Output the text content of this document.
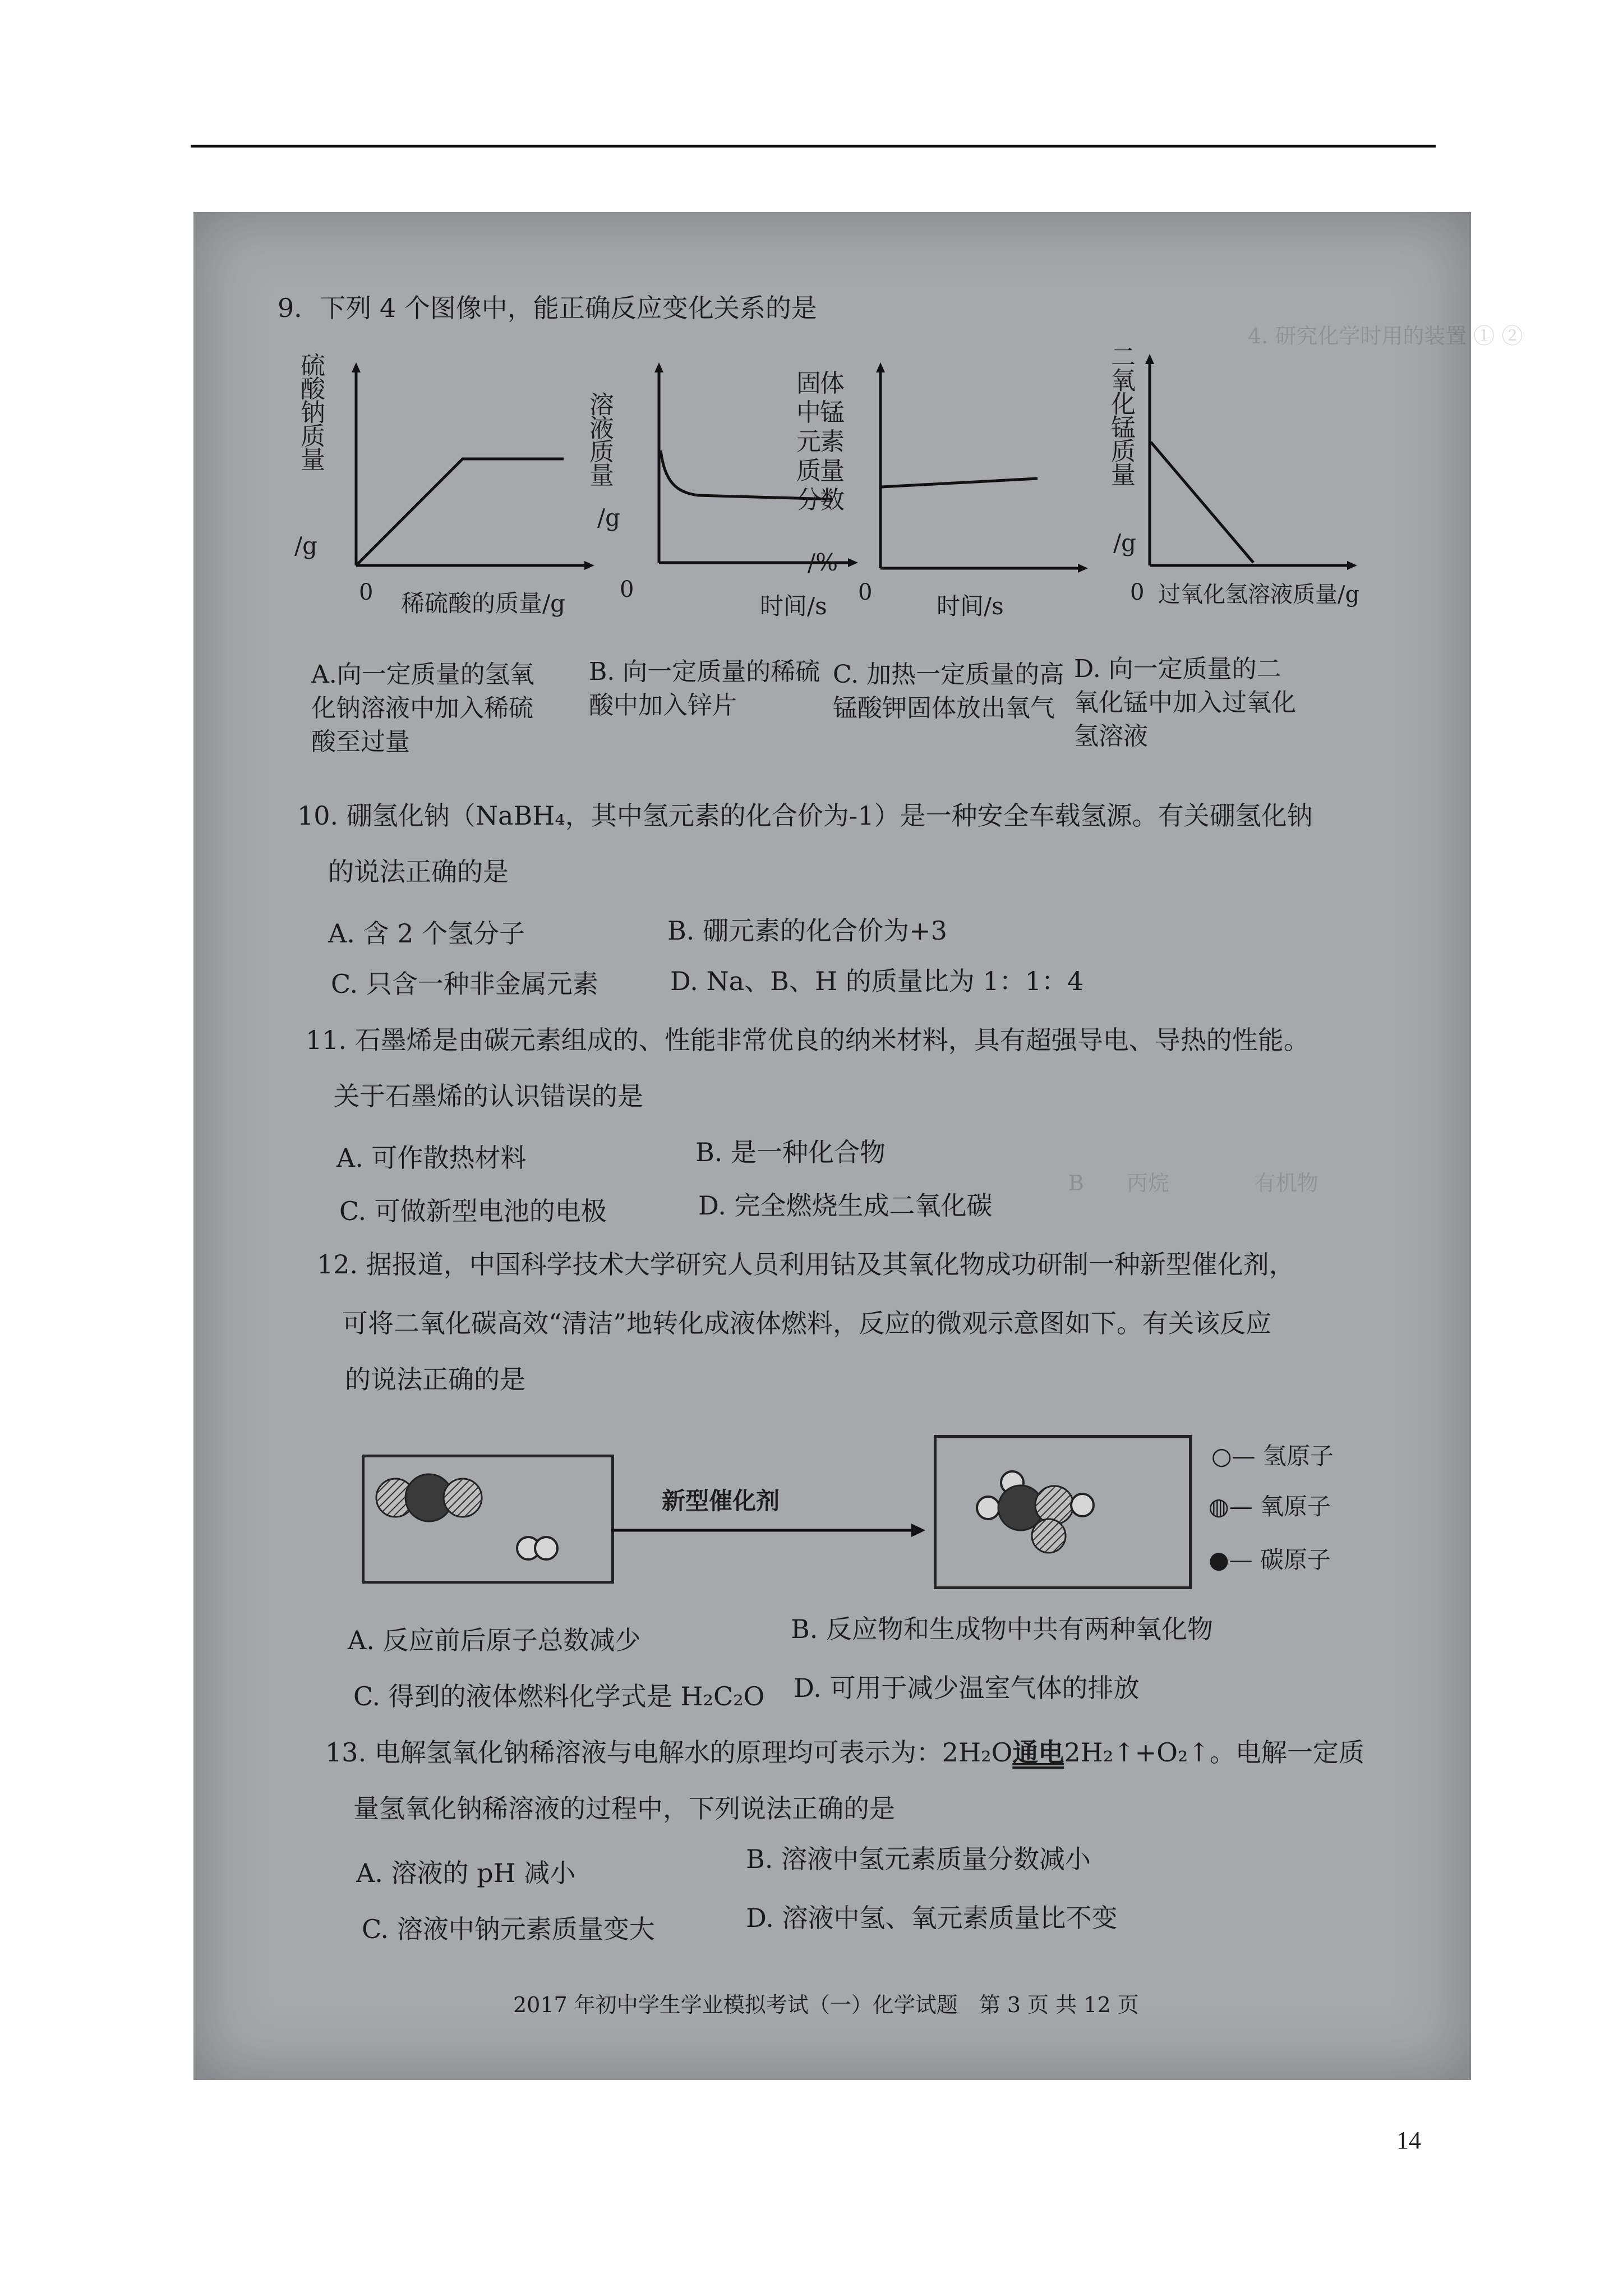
4. 研究化学时用的装置 ① ②
B　　丙烷　　　　有机物
9．下列 4 个图像中，能正确反应变化关系的是
硫酸钠质量
/g
0 稀硫酸的质量/g
溶液质量
/g
0
时间/s
固体中锰元素质量分数
/%
0	时间/s
二氧化锰质量
/g
0 过氧化氢溶液质量/g
A.向一定质量的氢氧化钠溶液中加入稀硫酸至过量
B. 向一定质量的稀硫酸中加入锌片
C. 加热一定质量的高锰酸钾固体放出氧气
D. 向一定质量的二氧化锰中加入过氧化氢溶液
10. 硼氢化钠（NaBH₄，其中氢元素的化合价为-1）是一种安全车载氢源。有关硼氢化钠
的说法正确的是
A. 含 2 个氢分子	B. 硼元素的化合价为+3
C. 只含一种非金属元素	D. Na、B、H 的质量比为 1：1：4
11. 石墨烯是由碳元素组成的、性能非常优良的纳米材料，具有超强导电、导热的性能。
关于石墨烯的认识错误的是
A. 可作散热材料	B. 是一种化合物
C. 可做新型电池的电极	D. 完全燃烧生成二氧化碳
12. 据报道，中国科学技术大学研究人员利用钴及其氧化物成功研制一种新型催化剂，
可将二氧化碳高效“清洁”地转化成液体燃料，反应的微观示意图如下。有关该反应
的说法正确的是
新型催化剂
○— 氢原子
◍— 氧原子
●— 碳原子
A. 反应前后原子总数减少	B. 反应物和生成物中共有两种氧化物
C. 得到的液体燃料化学式是 H₂C₂O D. 可用于减少温室气体的排放
13. 电解氢氧化钠稀溶液与电解水的原理均可表示为：2H₂O通电2H₂↑+O₂↑。电解一定质
量氢氧化钠稀溶液的过程中，下列说法正确的是
A. 溶液的 pH 减小	B. 溶液中氢元素质量分数减小
C. 溶液中钠元素质量变大	D. 溶液中氢、氧元素质量比不变
2017 年初中学生学业模拟考试（一）化学试题　第 3 页 共 12 页
14
